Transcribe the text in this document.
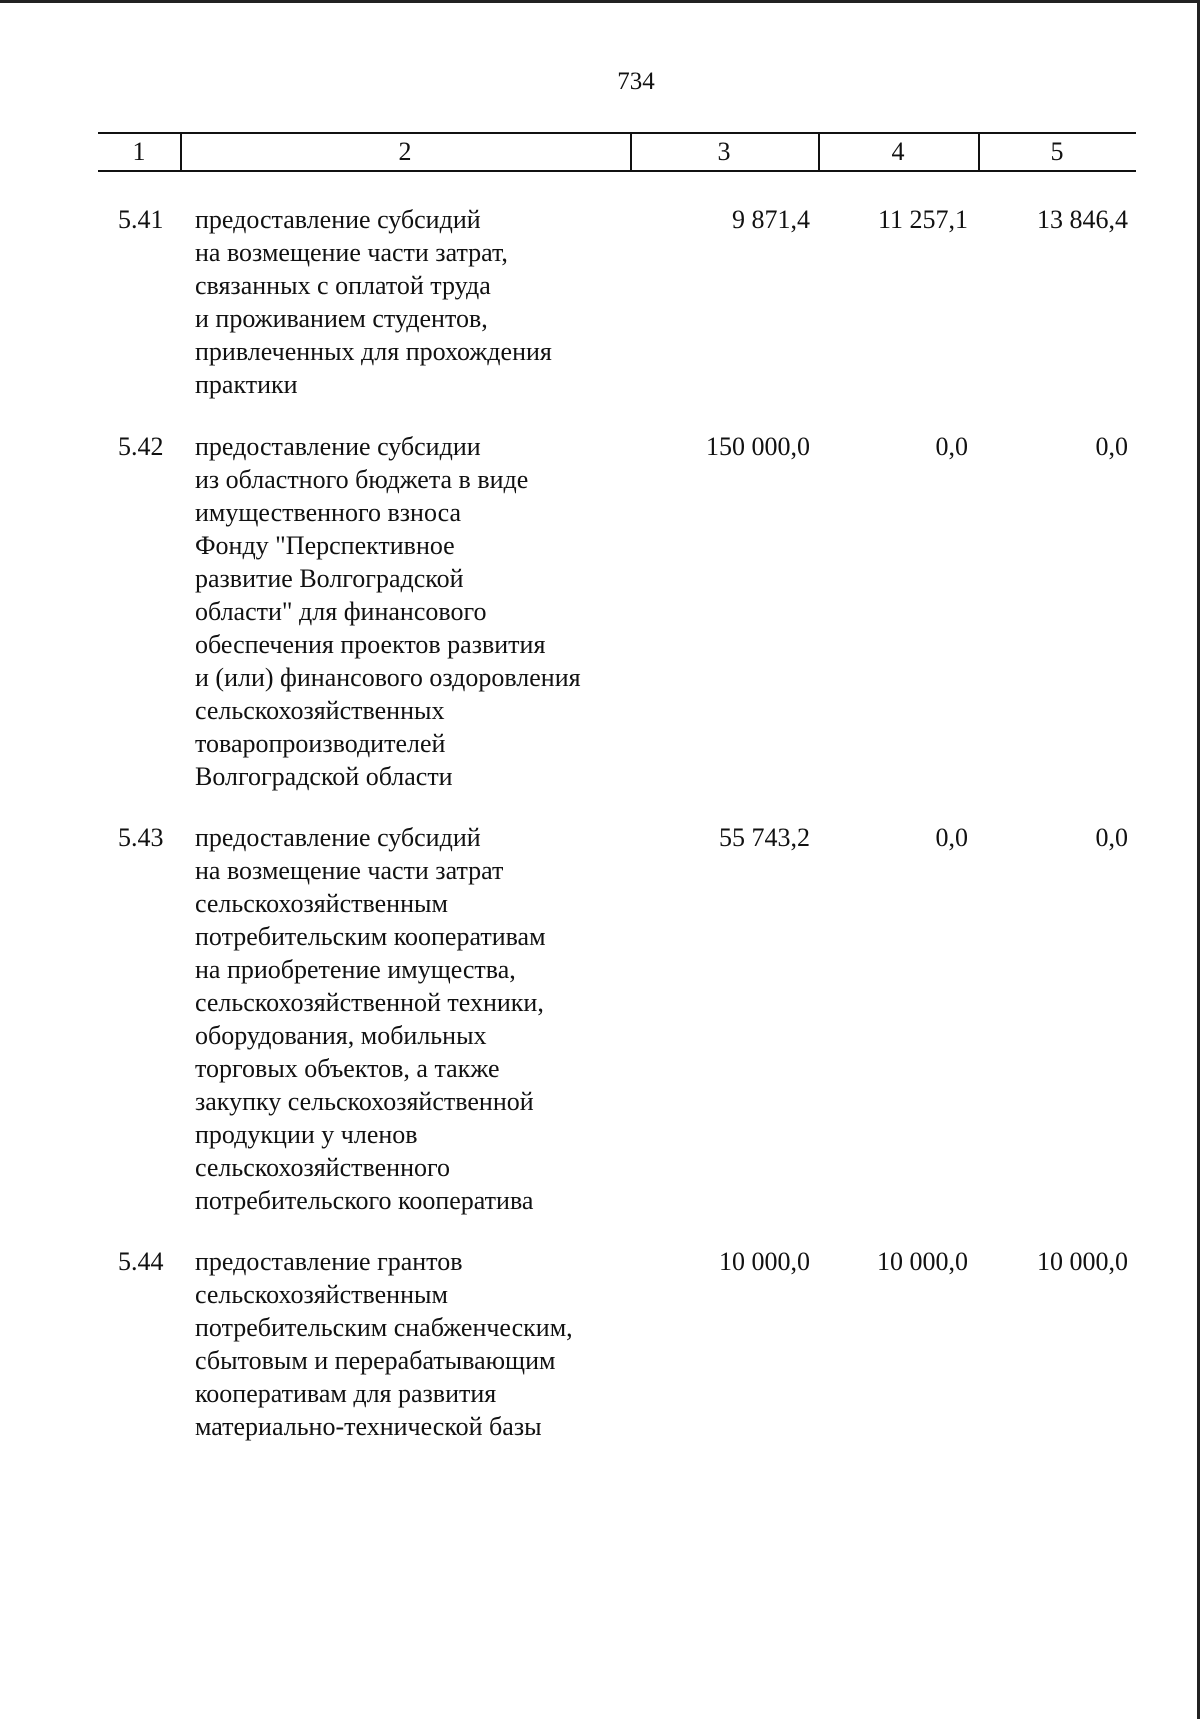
734
1	2	3	4	5
5.41 предоставление субсидий
на возмещение части затрат,
связанных с оплатой труда
и проживанием студентов,
привлеченных для прохождения
практики
9 871,4	11 257,1	13 846,4
5.42 предоставление субсидии
из областного бюджета в виде
имущественного взноса
Фонду "Перспективное
развитие Волгоградской
области" для финансового
обеспечения проектов развития
и (или) финансового оздоровления
сельскохозяйственных
товаропроизводителей
Волгоградской области
150 000,0	0,0	0,0
5.43 предоставление субсидий
на возмещение части затрат
сельскохозяйственным
потребительским кооперативам
на приобретение имущества,
сельскохозяйственной техники,
оборудования, мобильных
торговых объектов, а также
закупку сельскохозяйственной
продукции у членов
сельскохозяйственного
потребительского кооператива
55 743,2	0,0	0,0
5.44 предоставление грантов
сельскохозяйственным
потребительским снабженческим,
сбытовым и перерабатывающим
кооперативам для развития
материально-технической базы
10 000,0	10 000,0	10 000,0
